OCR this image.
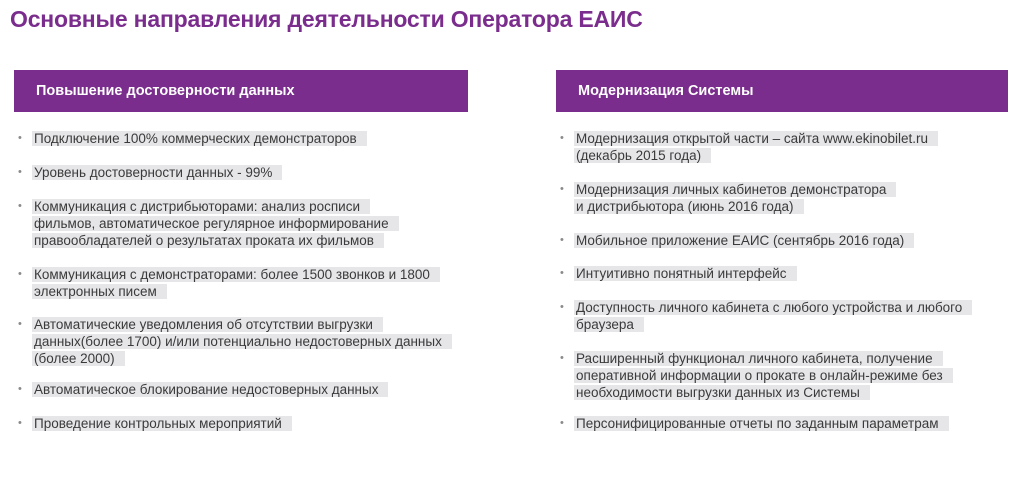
Основные направления деятельности Оператора ЕАИС
Повышение достоверности данных
• Подключение 100% коммерческих демонстраторов
• Уровень достоверности данных - 99%
• Коммуникация с дистрибьюторами: анализ росписи
фильмов, автоматическое регулярное информирование
правообладателей о результатах проката их фильмов
• Коммуникация с демонстраторами: более 1500 звонков и 1800
электронных писем
• Автоматические уведомления об отсутствии выгрузки
данных(более 1700) и/или потенциально недостоверных данных
(более 2000)
• Автоматическое блокирование недостоверных данных
• Проведение контрольных мероприятий
Модернизация Системы
• Модернизация открытой части – сайта www.ekinobilet.ru
(декабрь 2015 года)
• Модернизация личных кабинетов демонстратора
и дистрибьютора (июнь 2016 года)
• Мобильное приложение ЕАИС (сентябрь 2016 года)
• Интуитивно понятный интерфейс
• Доступность личного кабинета с любого устройства и любого
браузера
• Расширенный функционал личного кабинета, получение
оперативной информации о прокате в онлайн-режиме без
необходимости выгрузки данных из Системы
• Персонифицированные отчеты по заданным параметрам
